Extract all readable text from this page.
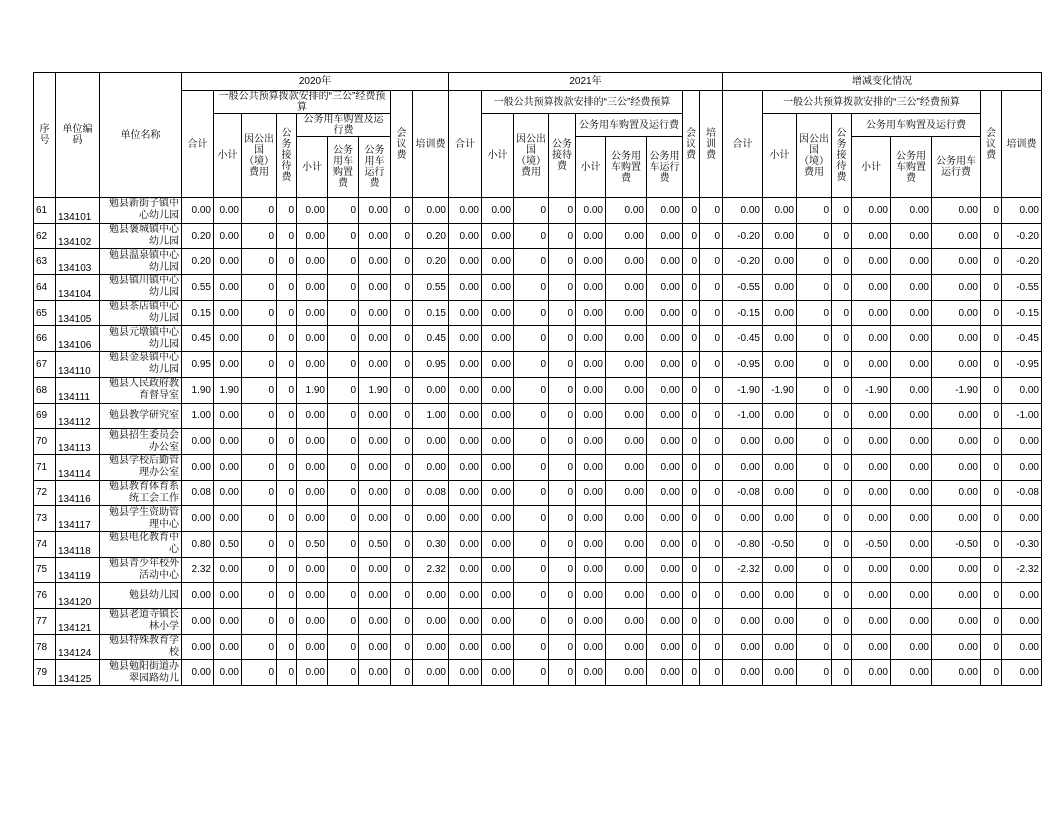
序号	单位编码	单位名称	2020年									2021年									增减变化情况								
			合计	一般公共预算拨款安排的“三公”经费预算						会议费	培训费	合计	一般公共预算拨款安排的“三公”经费预算						会议费	培训费	合计	一般公共预算拨款安排的“三公”经费预算						会议费	培训费
				小计	因公出国（境）费用	公务接待费	公务用车购置及运行费						小计	因公出国（境）费用	公务接待费	公务用车购置及运行费						小计	因公出国（境）费用	公务接待费	公务用车购置及运行费				
							小计	公务用车购置费	公务用车运行费							小计	公务用车购置费	公务用车运行费							小计	公务用车购置费	公务用车运行费		
61	134101	勉县新街子镇中心幼儿园	0.00	0.00	0	0	0.00	0	0.00	0	0.00	0.00	0.00	0	0	0.00	0.00	0.00	0	0	0.00	0.00	0	0	0.00	0.00	0.00	0	0.00
62	134102	勉县褒城镇中心幼儿园	0.20	0.00	0	0	0.00	0	0.00	0	0.20	0.00	0.00	0	0	0.00	0.00	0.00	0	0	-0.20	0.00	0	0	0.00	0.00	0.00	0	-0.20
63	134103	勉县温泉镇中心幼儿园	0.20	0.00	0	0	0.00	0	0.00	0	0.20	0.00	0.00	0	0	0.00	0.00	0.00	0	0	-0.20	0.00	0	0	0.00	0.00	0.00	0	-0.20
64	134104	勉县镇川镇中心幼儿园	0.55	0.00	0	0	0.00	0	0.00	0	0.55	0.00	0.00	0	0	0.00	0.00	0.00	0	0	-0.55	0.00	0	0	0.00	0.00	0.00	0	-0.55
65	134105	勉县茶店镇中心幼儿园	0.15	0.00	0	0	0.00	0	0.00	0	0.15	0.00	0.00	0	0	0.00	0.00	0.00	0	0	-0.15	0.00	0	0	0.00	0.00	0.00	0	-0.15
66	134106	勉县元墩镇中心幼儿园	0.45	0.00	0	0	0.00	0	0.00	0	0.45	0.00	0.00	0	0	0.00	0.00	0.00	0	0	-0.45	0.00	0	0	0.00	0.00	0.00	0	-0.45
67	134110	勉县金泉镇中心幼儿园	0.95	0.00	0	0	0.00	0	0.00	0	0.95	0.00	0.00	0	0	0.00	0.00	0.00	0	0	-0.95	0.00	0	0	0.00	0.00	0.00	0	-0.95
68	134111	勉县人民政府教育督导室	1.90	1.90	0	0	1.90	0	1.90	0	0.00	0.00	0.00	0	0	0.00	0.00	0.00	0	0	-1.90	-1.90	0	0	-1.90	0.00	-1.90	0	0.00
69	134112	勉县教学研究室	1.00	0.00	0	0	0.00	0	0.00	0	1.00	0.00	0.00	0	0	0.00	0.00	0.00	0	0	-1.00	0.00	0	0	0.00	0.00	0.00	0	-1.00
70	134113	勉县招生委员会办公室	0.00	0.00	0	0	0.00	0	0.00	0	0.00	0.00	0.00	0	0	0.00	0.00	0.00	0	0	0.00	0.00	0	0	0.00	0.00	0.00	0	0.00
71	134114	勉县学校后勤管理办公室	0.00	0.00	0	0	0.00	0	0.00	0	0.00	0.00	0.00	0	0	0.00	0.00	0.00	0	0	0.00	0.00	0	0	0.00	0.00	0.00	0	0.00
72	134116	勉县教育体育系统工会工作	0.08	0.00	0	0	0.00	0	0.00	0	0.08	0.00	0.00	0	0	0.00	0.00	0.00	0	0	-0.08	0.00	0	0	0.00	0.00	0.00	0	-0.08
73	134117	勉县学生资助管理中心	0.00	0.00	0	0	0.00	0	0.00	0	0.00	0.00	0.00	0	0	0.00	0.00	0.00	0	0	0.00	0.00	0	0	0.00	0.00	0.00	0	0.00
74	134118	勉县电化教育中心	0.80	0.50	0	0	0.50	0	0.50	0	0.30	0.00	0.00	0	0	0.00	0.00	0.00	0	0	-0.80	-0.50	0	0	-0.50	0.00	-0.50	0	-0.30
75	134119	勉县青少年校外活动中心	2.32	0.00	0	0	0.00	0	0.00	0	2.32	0.00	0.00	0	0	0.00	0.00	0.00	0	0	-2.32	0.00	0	0	0.00	0.00	0.00	0	-2.32
76	134120	勉县幼儿园	0.00	0.00	0	0	0.00	0	0.00	0	0.00	0.00	0.00	0	0	0.00	0.00	0.00	0	0	0.00	0.00	0	0	0.00	0.00	0.00	0	0.00
77	134121	勉县老道寺镇长林小学	0.00	0.00	0	0	0.00	0	0.00	0	0.00	0.00	0.00	0	0	0.00	0.00	0.00	0	0	0.00	0.00	0	0	0.00	0.00	0.00	0	0.00
78	134124	勉县特殊教育学校	0.00	0.00	0	0	0.00	0	0.00	0	0.00	0.00	0.00	0	0	0.00	0.00	0.00	0	0	0.00	0.00	0	0	0.00	0.00	0.00	0	0.00
79	134125	勉县勉阳街道办翠园路幼儿	0.00	0.00	0	0	0.00	0	0.00	0	0.00	0.00	0.00	0	0	0.00	0.00	0.00	0	0	0.00	0.00	0	0	0.00	0.00	0.00	0	0.00
